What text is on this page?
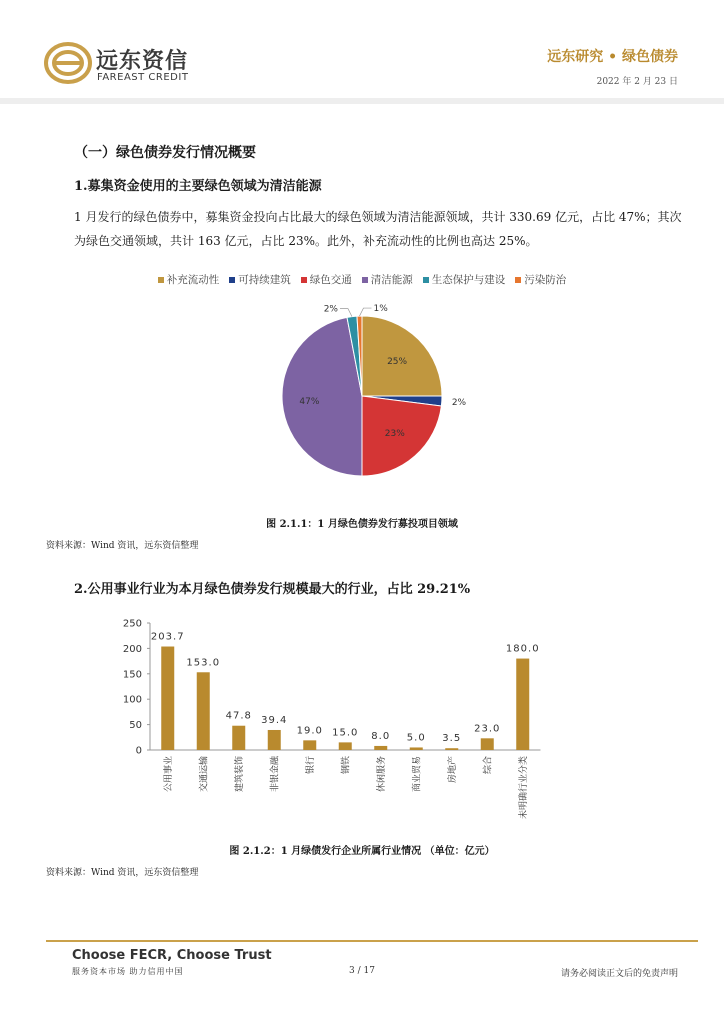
远东资信
FAREAST CREDIT
远东研究 • 绿色债券
2022 年 2 月 23 日
（一）绿色债券发行情况概要
1.募集资金使用的主要绿色领域为清洁能源
1 月发行的绿色债券中，募集资金投向占比最大的绿色领域为清洁能源领域，共计 330.69 亿元，占比 47%；其次为绿色交通领域，共计 163 亿元，占比 23%。此外，补充流动性的比例也高达 25%。
补充流动性 可持续建筑 绿色交通 清洁能源 生态保护与建设 污染防治
25%
2%
23%
47%
2%	1%
图 2.1.1：1 月绿色债券发行募投项目领域
资料来源：Wind 资讯，远东资信整理
2.公用事业行业为本月绿色债券发行规模最大的行业，占比 29.21%
0
50
100
150
200
250
203.7
公用事业
153.0
交通运输
47.8
建筑装饰
39.4
非银金融
19.0
银行
15.0
钢铁
8.0
休闲服务
5.0
商业贸易
3.5
房地产
23.0
综合
180.0
未明确行业分类
图 2.1.2：1 月绿债发行企业所属行业情况 （单位：亿元）
资料来源：Wind 资讯，远东资信整理
Choose FECR, Choose Trust
服务资本市场 助力信用中国	3 / 17	请务必阅读正文后的免责声明
